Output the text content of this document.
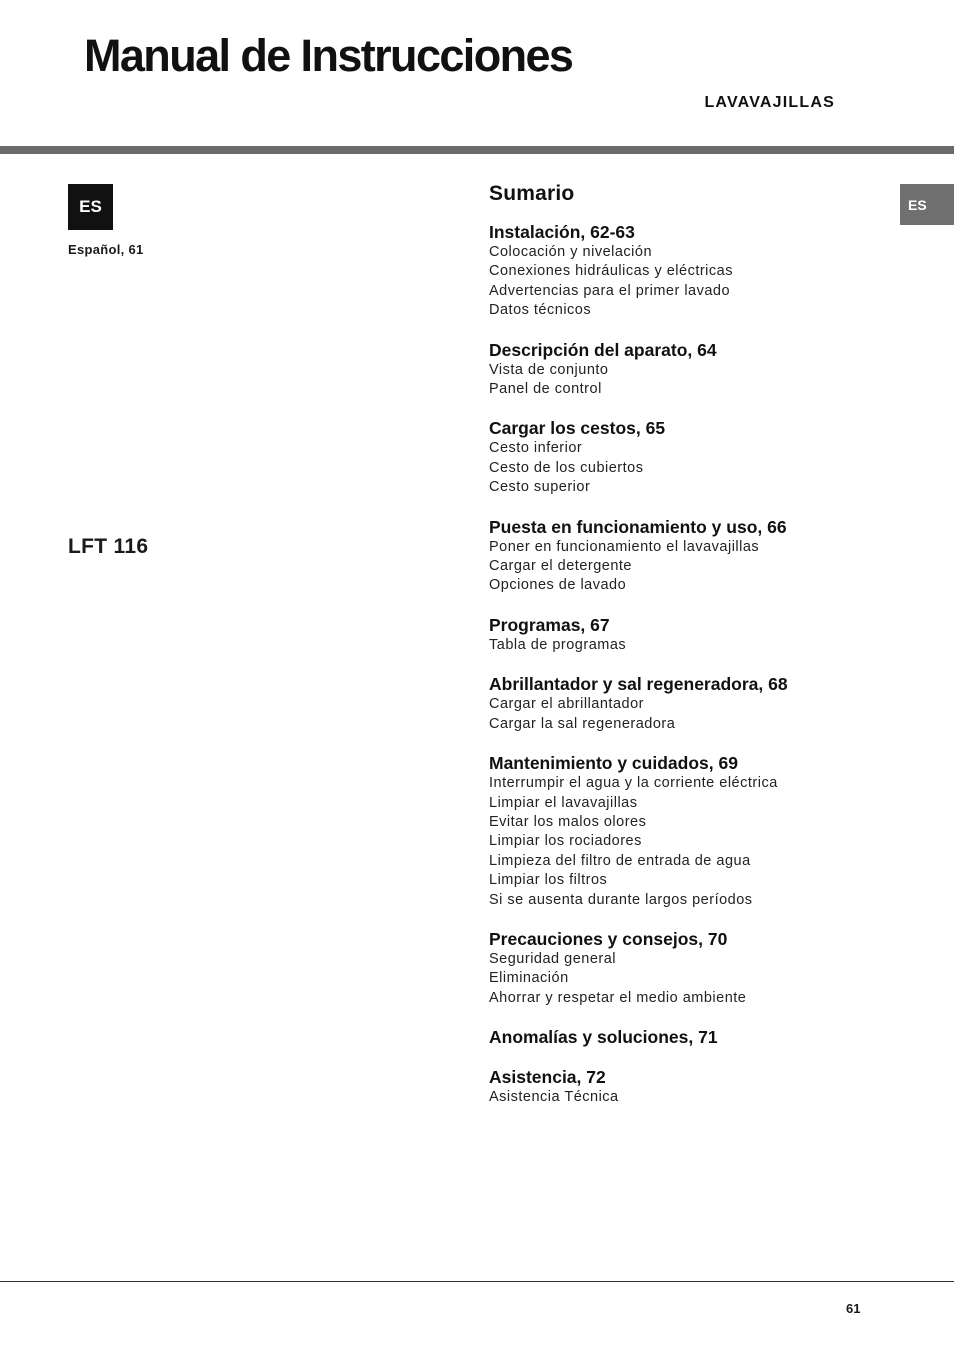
Manual de Instrucciones
LAVAVAJILLAS
ES
Español, 61
LFT 116
ES
Sumario
Instalación, 62-63
Colocación y nivelación
Conexiones hidráulicas y eléctricas
Advertencias para el primer lavado
Datos técnicos
Descripción del aparato, 64
Vista de conjunto
Panel de control
Cargar los cestos, 65
Cesto inferior
Cesto de los cubiertos
Cesto superior
Puesta en funcionamiento y uso, 66
Poner en funcionamiento el lavavajillas
Cargar el detergente
Opciones de lavado
Programas, 67
Tabla de programas
Abrillantador y sal regeneradora, 68
Cargar el abrillantador
Cargar la sal regeneradora
Mantenimiento y cuidados, 69
Interrumpir el agua y la corriente eléctrica
Limpiar el lavavajillas
Evitar los malos olores
Limpiar los rociadores
Limpieza del filtro de entrada de agua
Limpiar los filtros
Si se ausenta durante largos períodos
Precauciones y consejos, 70
Seguridad general
Eliminación
Ahorrar y respetar el medio ambiente
Anomalías y soluciones, 71
Asistencia, 72
Asistencia Técnica
61
